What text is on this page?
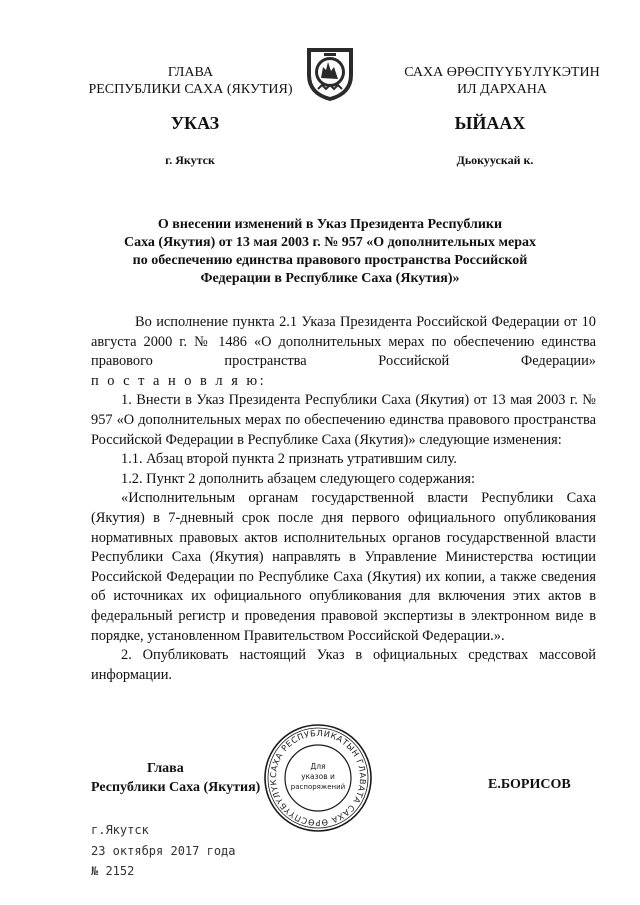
ГЛАВА
РЕСПУБЛИКИ САХА (ЯКУТИЯ)
САХА ӨРӨСПҮҮБҮЛҮКЭТИН
ИЛ ДАРХАНА
УКАЗ	ЫЙААХ
г. Якутск	Дьокуускай к.
О внесении изменений в Указ Президента Республики
Саха (Якутия) от 13 мая 2003 г. № 957 «О дополнительных мерах
по обеспечению единства правового пространства Российской
Федерации в Республике Саха (Якутия)»

Во исполнение пункта 2.1 Указа Президента Российской Федерации от 10 августа 2000 г. № 1486 «О дополнительных мерах по обеспечению единства правового пространства Российской Федерации»

п о с т а н о в л я ю:

1. Внести в Указ Президента Республики Саха (Якутия) от 13 мая 2003 г. № 957 «О дополнительных мерах по обеспечению единства правового пространства Российской Федерации в Республике Саха (Якутия)» следующие изменения:

1.1. Абзац второй пункта 2 признать утратившим силу.

1.2. Пункт 2 дополнить абзацем следующего содержания:

«Исполнительным органам государственной власти Республики Саха (Якутия) в 7-дневный срок после дня первого официального опубликования нормативных правовых актов исполнительных органов государственной власти Республики Саха (Якутия) направлять в Управление Министерства юстиции Российской Федерации по Республике Саха (Якутия) их копии, а также сведения об источниках их официального опубликования для включения этих актов в федеральный регистр и проведения правовой экспертизы в электронном виде в порядке, установленном Правительством Российской Федерации.».

2. Опубликовать настоящий Указ в официальных средствах массовой информации.

Глава
Республики Саха (Якутия)	Е.БОРИСОВ
САХА РЕСПУБЛИКАТЫН ГЛАВАТА САХА ӨРӨСПҮҮБҮЛҮК
Для
указов и
распоряжений
г.Якутск
23 октября 2017 года
№ 2152
